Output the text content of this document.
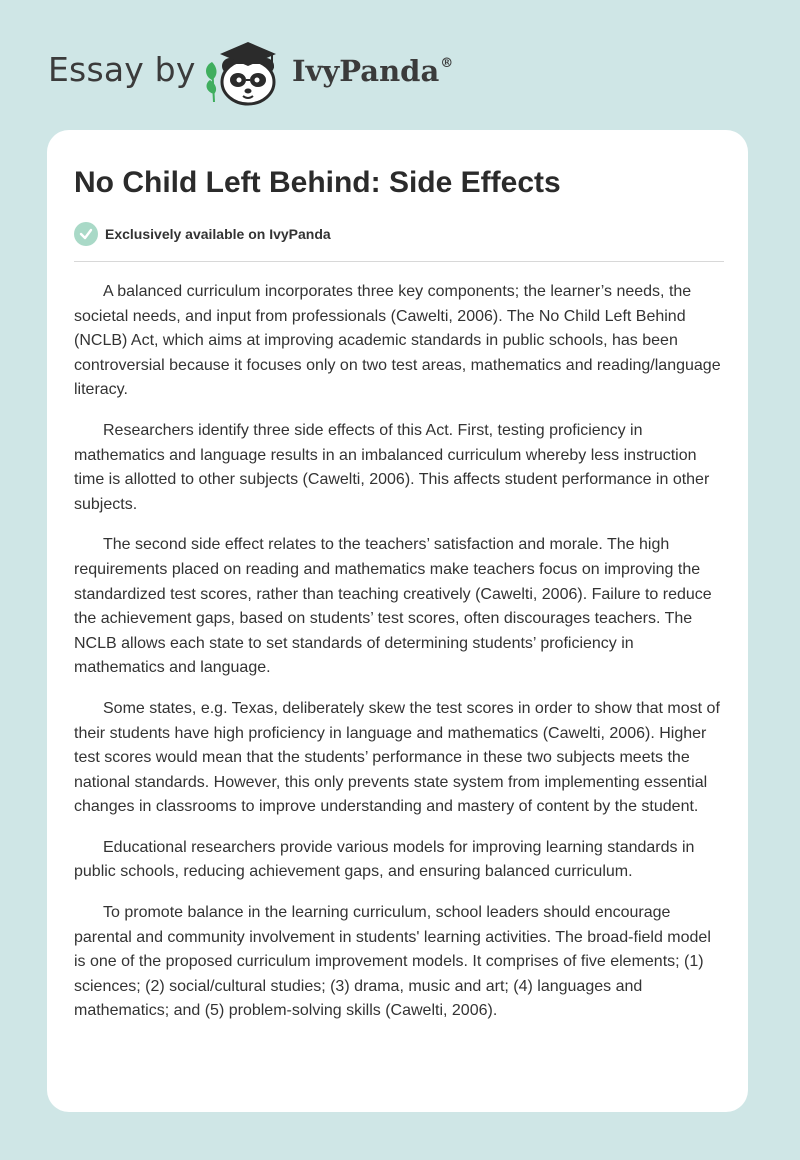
Essay by	IvyPanda®
No Child Left Behind: Side Effects
Exclusively available on IvyPanda

A balanced curriculum incorporates three key components; the learner’s needs, the societal needs, and input from professionals (Cawelti, 2006). The No Child Left Behind (NCLB) Act, which aims at improving academic standards in public schools, has been controversial because it focuses only on two test areas, mathematics and reading/language literacy.

Researchers identify three side effects of this Act. First, testing proficiency in mathematics and language results in an imbalanced curriculum whereby less instruction time is allotted to other subjects (Cawelti, 2006). This affects student performance in other subjects.

The second side effect relates to the teachers’ satisfaction and morale. The high requirements placed on reading and mathematics make teachers focus on improving the standardized test scores, rather than teaching creatively (Cawelti, 2006). Failure to reduce the achievement gaps, based on students’ test scores, often discourages teachers. The NCLB allows each state to set standards of determining students’ proficiency in mathematics and language.

Some states, e.g. Texas, deliberately skew the test scores in order to show that most of their students have high proficiency in language and mathematics (Cawelti, 2006). Higher test scores would mean that the students’ performance in these two subjects meets the national standards. However, this only prevents state system from implementing essential changes in classrooms to improve understanding and mastery of content by the student.

Educational researchers provide various models for improving learning standards in public schools, reducing achievement gaps, and ensuring balanced curriculum.

To promote balance in the learning curriculum, school leaders should encourage parental and community involvement in students' learning activities. The broad-field model is one of the proposed curriculum improvement models. It comprises of five elements; (1) sciences; (2) social/cultural studies; (3) drama, music and art; (4) languages and mathematics; and (5) problem-solving skills (Cawelti, 2006).
